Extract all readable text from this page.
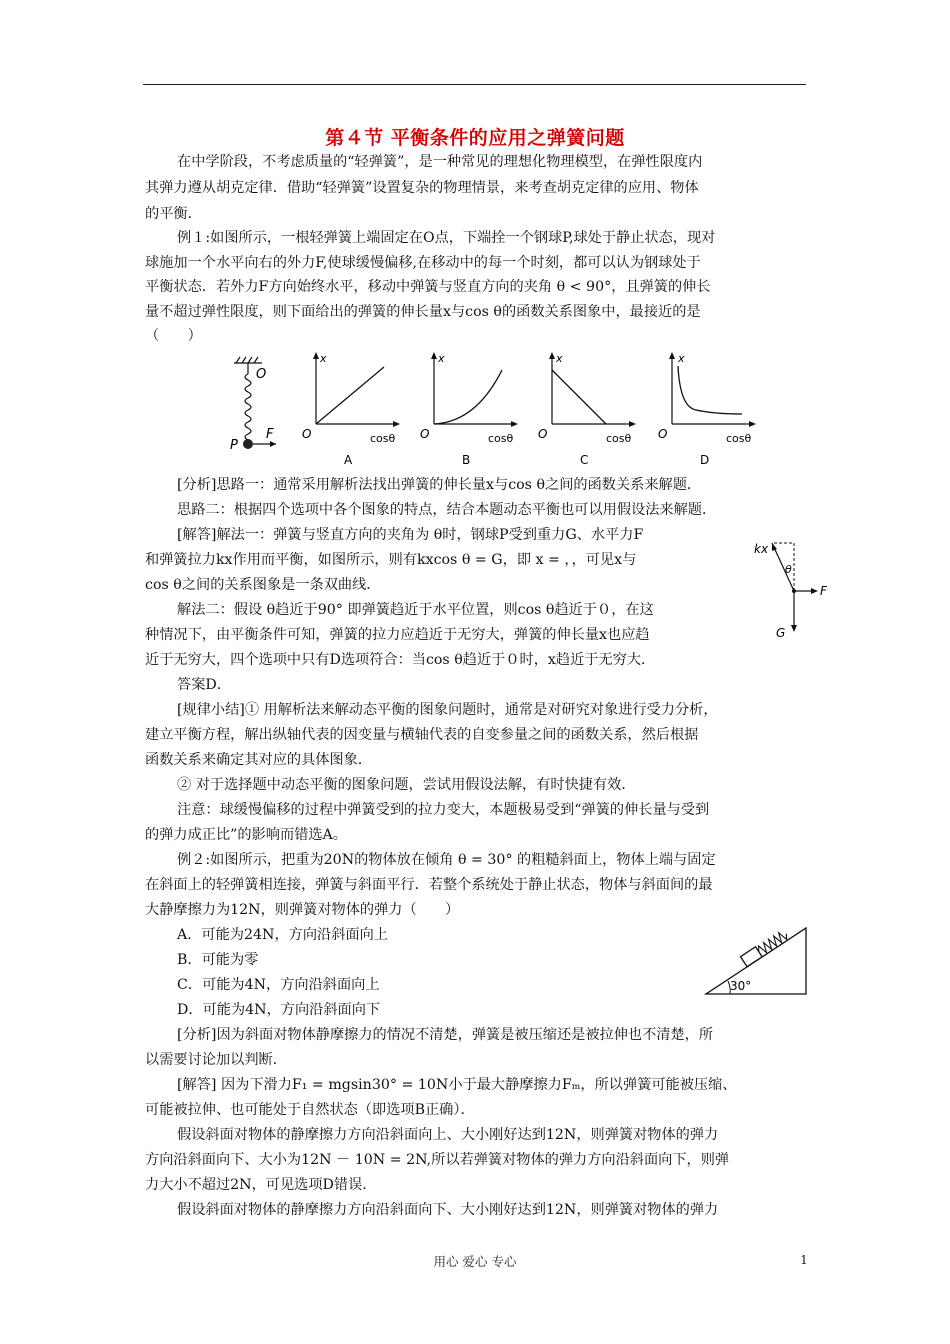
第４节 平衡条件的应用之弹簧问题
在中学阶段，不考虑质量的“轻弹簧”，是一种常见的理想化物理模型，在弹性限度内
其弹力遵从胡克定律．借助“轻弹簧”设置复杂的物理情景，来考查胡克定律的应用、物体
的平衡．
例１:如图所示，一根轻弹簧上端固定在O点，下端拴一个钢球P,球处于静止状态，现对
球施加一个水平向右的外力F,使球缓慢偏移,在移动中的每一个时刻，都可以认为钢球处于
平衡状态．若外力F方向始终水平，移动中弹簧与竖直方向的夹角 θ < 90°，且弹簧的伸长
量不超过弹性限度，则下面给出的弹簧的伸长量x与cos θ的函数关系图象中，最接近的是
（　　）
O
P
F
x
O	cosθ
A
x
O	cosθ
B
x
O	cosθ
C
x
O	cosθ
D
[分析]思路一：通常采用解析法找出弹簧的伸长量x与cos θ之间的函数关系来解题．
思路二：根据四个选项中各个图象的特点，结合本题动态平衡也可以用假设法来解题．
[解答]解法一：弹簧与竖直方向的夹角为 θ时，钢球P受到重力G、水平力F
和弹簧拉力kx作用而平衡，如图所示，则有kxcos θ = G，即 x = ，，可见x与
cos θ之间的关系图象是一条双曲线．
解法二：假设 θ趋近于90° 即弹簧趋近于水平位置，则cos θ趋近于０，在这
种情况下，由平衡条件可知，弹簧的拉力应趋近于无穷大，弹簧的伸长量x也应趋
近于无穷大，四个选项中只有D选项符合：当cos θ趋近于０时，x趋近于无穷大．
kx
θ
F
G
答案D．
[规律小结]① 用解析法来解动态平衡的图象问题时，通常是对研究对象进行受力分析，
建立平衡方程，解出纵轴代表的因变量与横轴代表的自变参量之间的函数关系，然后根据
函数关系来确定其对应的具体图象．
② 对于选择题中动态平衡的图象问题，尝试用假设法解，有时快捷有效．
注意：球缓慢偏移的过程中弹簧受到的拉力变大，本题极易受到“弹簧的伸长量与受到
的弹力成正比”的影响而错选A。
例２:如图所示，把重为20N的物体放在倾角 θ = 30° 的粗糙斜面上，物体上端与固定
在斜面上的轻弹簧相连接，弹簧与斜面平行．若整个系统处于静止状态，物体与斜面间的最
大静摩擦力为12N，则弹簧对物体的弹力（　　）
A．可能为24N，方向沿斜面向上
B．可能为零
C．可能为4N，方向沿斜面向上
D．可能为4N，方向沿斜面向下
30°
[分析]因为斜面对物体静摩擦力的情况不清楚，弹簧是被压缩还是被拉伸也不清楚，所
以需要讨论加以判断．
[解答] 因为下滑力F₁ = mgsin30° = 10N小于最大静摩擦力Fₘ，所以弹簧可能被压缩、
可能被拉伸、也可能处于自然状态（即选项B正确）．
假设斜面对物体的静摩擦力方向沿斜面向上、大小刚好达到12N，则弹簧对物体的弹力
方向沿斜面向下、大小为12N － 10N = 2N,所以若弹簧对物体的弹力方向沿斜面向下，则弹
力大小不超过2N，可见选项D错误．
假设斜面对物体的静摩擦力方向沿斜面向下、大小刚好达到12N，则弹簧对物体的弹力
用心 爱心 专心	1
